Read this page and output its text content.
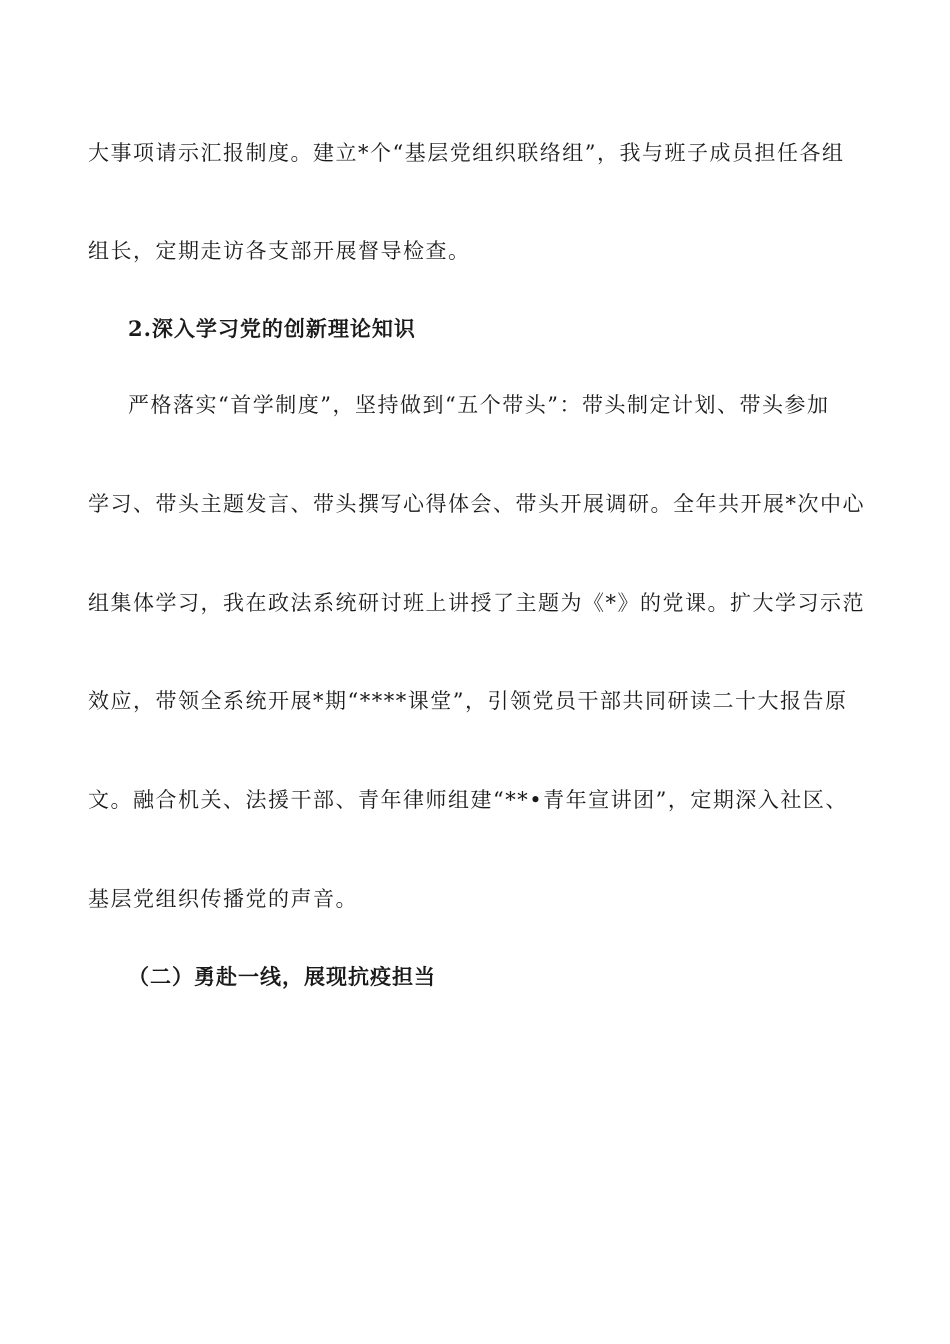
大事项请示汇报制度。建立*个“基层党组织联络组”，我与班子成员担任各组
组长，定期走访各支部开展督导检查。
2.深入学习党的创新理论知识
严格落实“首学制度”，坚持做到“五个带头”：带头制定计划、带头参加
学习、带头主题发言、带头撰写心得体会、带头开展调研。全年共开展*次中心
组集体学习，我在政法系统研讨班上讲授了主题为《*》的党课。扩大学习示范
效应，带领全系统开展*期“****课堂”，引领党员干部共同研读二十大报告原
文。融合机关、法援干部、青年律师组建“**•青年宣讲团”，定期深入社区、
基层党组织传播党的声音。
（二）勇赴一线，展现抗疫担当
